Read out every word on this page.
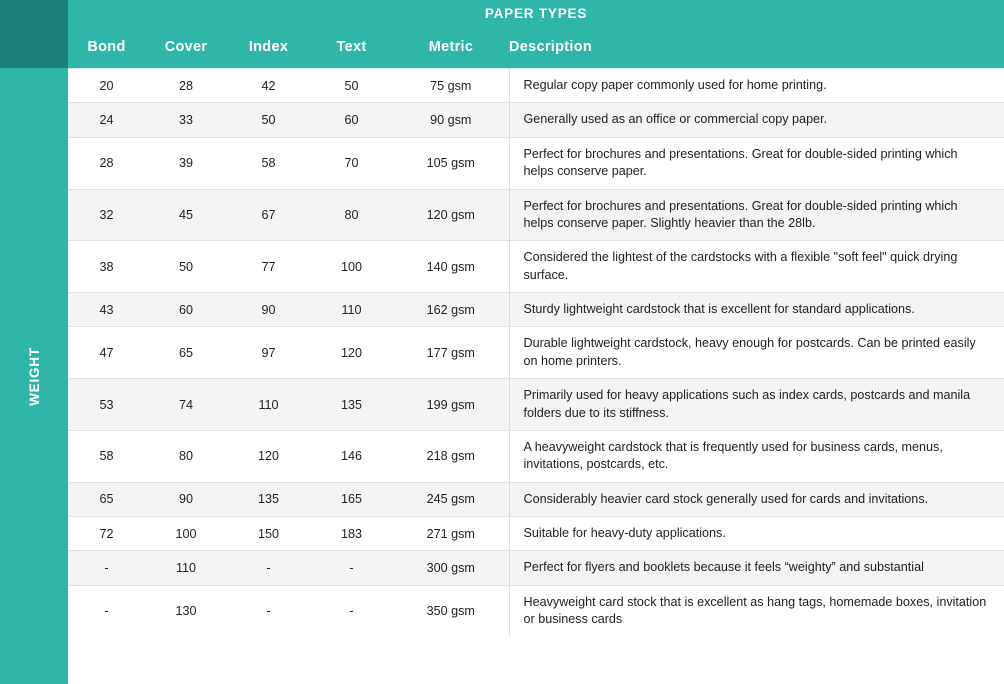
WEIGHT
PAPER TYPES
Bond	Cover	Index	Text	Metric	Description
20	28	42	50	75 gsm	Regular copy paper commonly used for home printing.
24	33	50	60	90 gsm	Generally used as an office or commercial copy paper.
28	39	58	70	105 gsm	Perfect for brochures and presentations. Great for double-sided printing which helps conserve paper.
32	45	67	80	120 gsm	Perfect for brochures and presentations. Great for double-sided printing which helps conserve paper. Slightly heavier than the 28lb.
38	50	77	100	140 gsm	Considered the lightest of the cardstocks with a flexible "soft feel" quick drying surface.
43	60	90	110	162 gsm	Sturdy lightweight cardstock that is excellent for standard applications.
47	65	97	120	177 gsm	Durable lightweight cardstock, heavy enough for postcards. Can be printed easily on home printers.
53	74	110	135	199 gsm	Primarily used for heavy applications such as index cards, postcards and manila folders due to its stiffness.
58	80	120	146	218 gsm	A heavyweight cardstock that is frequently used for business cards, menus, invitations, postcards, etc.
65	90	135	165	245 gsm	Considerably heavier card stock generally used for cards and invitations.
72	100	150	183	271 gsm	Suitable for heavy-duty applications.
-	110	-	-	300 gsm	Perfect for flyers and booklets because it feels “weighty” and substantial
-	130	-	-	350 gsm	Heavyweight card stock that is excellent as hang tags, homemade boxes, invitation or business cards
